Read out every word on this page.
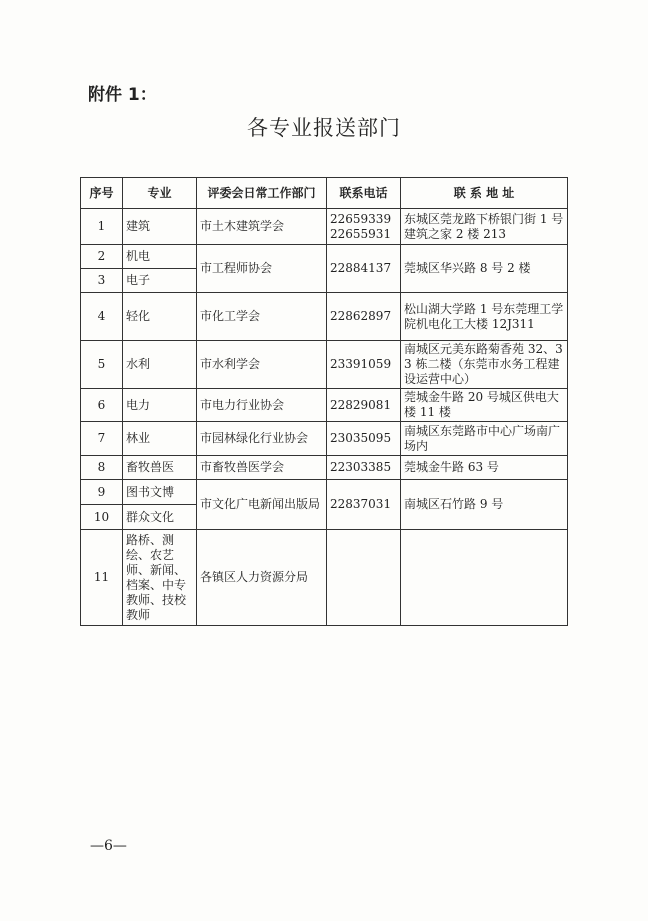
附件 1：
各专业报送部门
序号	专业	评委会日常工作部门	联系电话	联 系 地 址
1	建筑	市土木建筑学会	22659339 22655931	东城区莞龙路下桥银门街 1 号建筑之家 2 楼 213
2	机电	市工程师协会	22884137	莞城区华兴路 8 号 2 楼
3	电子			
4	轻化	市化工学会	22862897	松山湖大学路 1 号东莞理工学院机电化工大楼 12J311
5	水利	市水利学会	23391059	南城区元美东路菊香苑 32、33 栋二楼（东莞市水务工程建设运营中心）
6	电力	市电力行业协会	22829081	莞城金牛路 20 号城区供电大楼 11 楼
7	林业	市园林绿化行业协会	23035095	南城区东莞路市中心广场南广场内
8	畜牧兽医	市畜牧兽医学会	22303385	莞城金牛路 63 号
9	图书文博	市文化广电新闻出版局	22837031	南城区石竹路 9 号
10	群众文化			
11	路桥、测绘、农艺师、新闻、档案、中专教师、技校教师	各镇区人力资源分局		
—6—
